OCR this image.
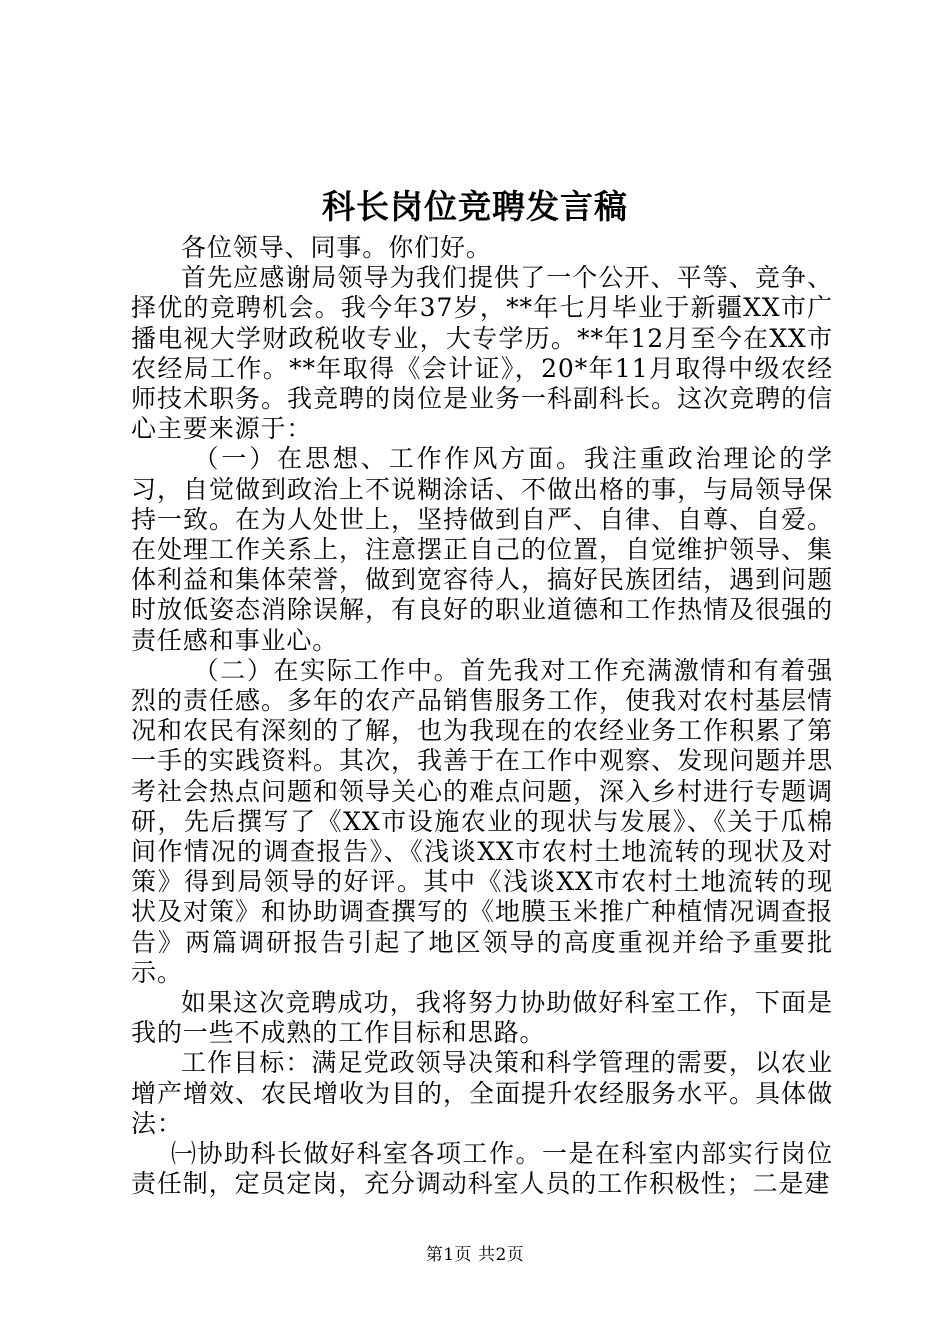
科长岗位竞聘发言稿

各位领导、同事。你们好。

首先应感谢局领导为我们提供了一个公开、平等、竞争、择优的竞聘机会。我今年37岁，**年七月毕业于新疆XX市广播电视大学财政税收专业，大专学历。**年12月至今在XX市农经局工作。**年取得《会计证》，20*年11月取得中级农经师技术职务。我竞聘的岗位是业务一科副科长。这次竞聘的信心主要来源于：

（一）在思想、工作作风方面。我注重政治理论的学习，自觉做到政治上不说糊涂话、不做出格的事，与局领导保持一致。在为人处世上，坚持做到自严、自律、自尊、自爱。在处理工作关系上，注意摆正自己的位置，自觉维护领导、集体利益和集体荣誉，做到宽容待人，搞好民族团结，遇到问题时放低姿态消除误解，有良好的职业道德和工作热情及很强的责任感和事业心。

（二）在实际工作中。首先我对工作充满激情和有着强烈的责任感。多年的农产品销售服务工作，使我对农村基层情况和农民有深刻的了解，也为我现在的农经业务工作积累了第一手的实践资料。其次，我善于在工作中观察、发现问题并思考社会热点问题和领导关心的难点问题，深入乡村进行专题调研，先后撰写了《XX市设施农业的现状与发展》、《关于瓜棉间作情况的调查报告》、《浅谈XX市农村土地流转的现状及对策》得到局领导的好评。其中《浅谈XX市农村土地流转的现状及对策》和协助调查撰写的《地膜玉米推广种植情况调查报告》两篇调研报告引起了地区领导的高度重视并给予重要批示。

如果这次竞聘成功，我将努力协助做好科室工作，下面是我的一些不成熟的工作目标和思路。

工作目标：满足党政领导决策和科学管理的需要，以农业增产增效、农民增收为目的，全面提升农经服务水平。具体做法：

㈠协助科长做好科室各项工作。一是在科室内部实行岗位责任制，定员定岗，充分调动科室人员的工作积极性；二是建

第1页 共2页
